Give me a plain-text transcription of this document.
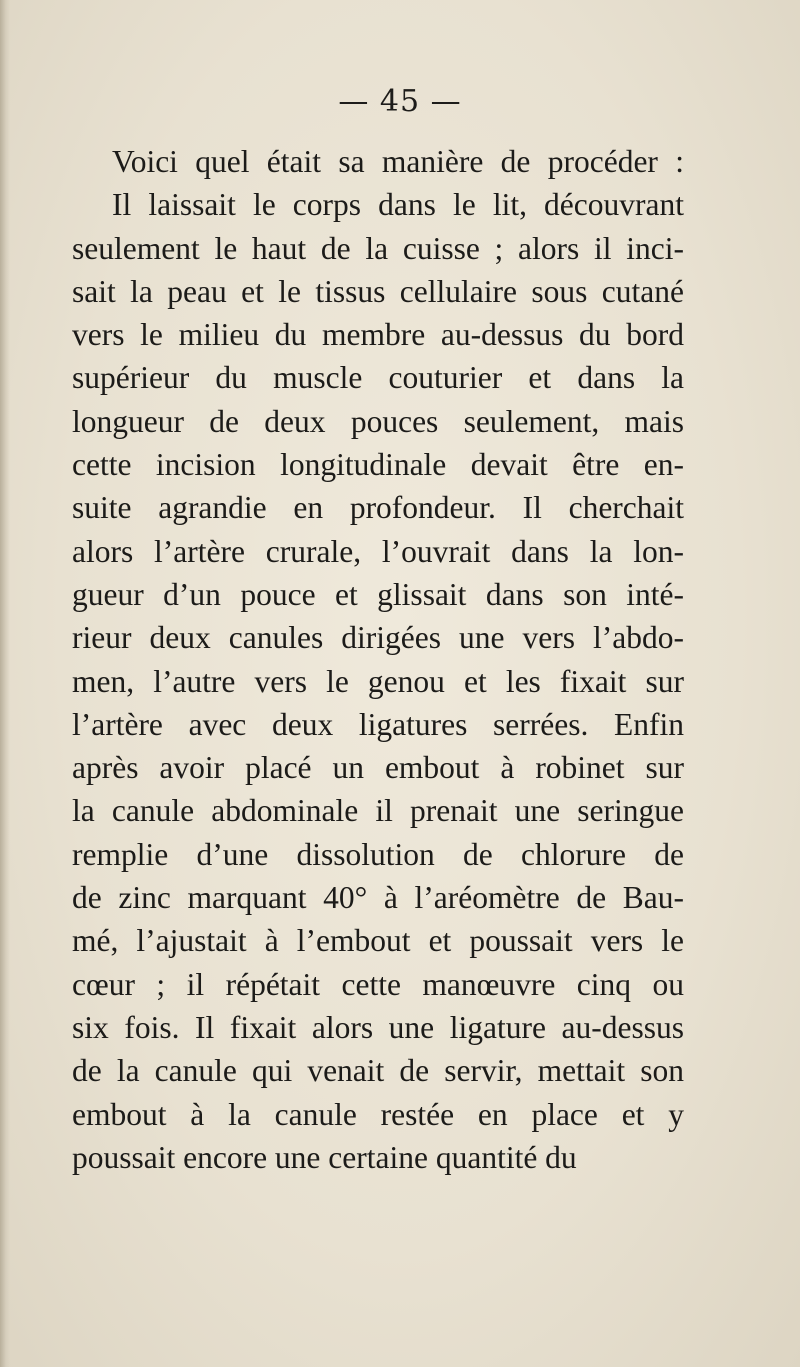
— 45 —
Voici quel était sa manière de procéder :
Il laissait le corps dans le lit, découvrant
seulement le haut de la cuisse ; alors il inci-
sait la peau et le tissus cellulaire sous cutané
vers le milieu du membre au-dessus du bord
supérieur du muscle couturier et dans la
longueur de deux pouces seulement, mais
cette incision longitudinale devait être en-
suite agrandie en profondeur. Il cherchait
alors l’artère crurale, l’ouvrait dans la lon-
gueur d’un pouce et glissait dans son inté-
rieur deux canules dirigées une vers l’abdo-
men, l’autre vers le genou et les fixait sur
l’artère avec deux ligatures serrées. Enfin
après avoir placé un embout à robinet sur
la canule abdominale il prenait une seringue
remplie d’une dissolution de chlorure de
de zinc marquant 40° à l’aréomètre de Bau-
mé, l’ajustait à l’embout et poussait vers le
cœur ; il répétait cette manœuvre cinq ou
six fois. Il fixait alors une ligature au-dessus
de la canule qui venait de servir, mettait son
embout à la canule restée en place et y
poussait encore une certaine quantité du
